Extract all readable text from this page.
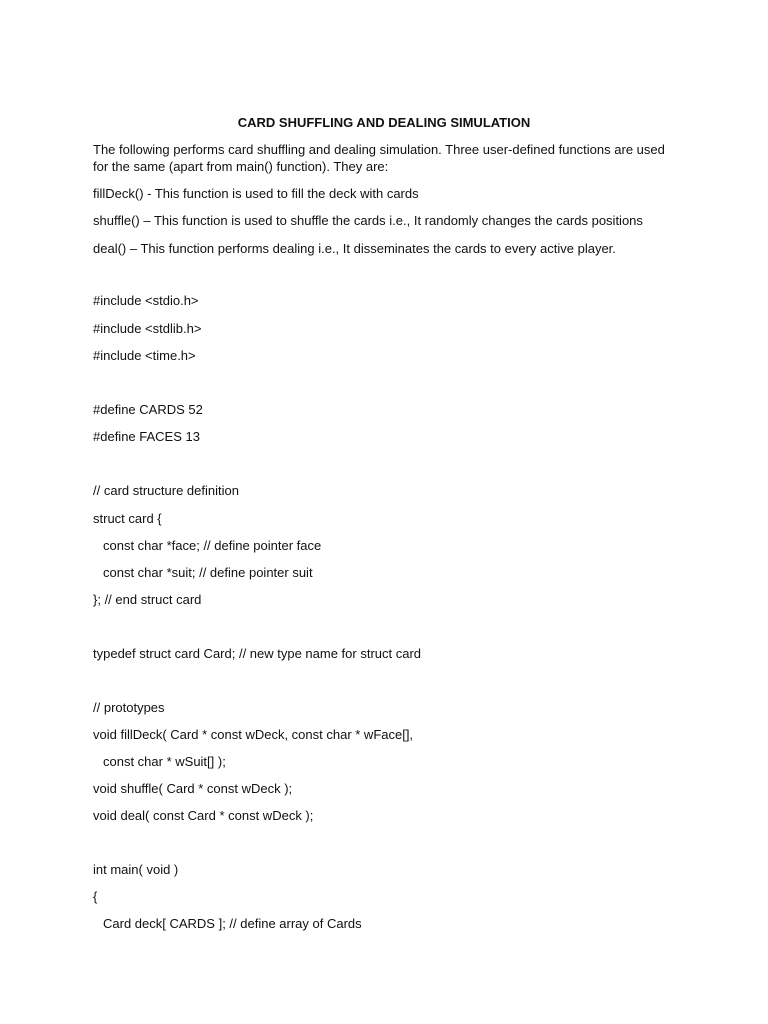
CARD SHUFFLING AND DEALING SIMULATION
The following performs card shuffling and dealing simulation. Three user-defined functions are used
for the same (apart from main() function). They are:
fillDeck() - This function is used to fill the deck with cards
shuffle() – This function is used to shuffle the cards i.e., It randomly changes the cards positions
deal() – This function performs dealing i.e., It disseminates the cards to every active player.
#include <stdio.h>
#include <stdlib.h>
#include <time.h>
#define CARDS 52
#define FACES 13
// card structure definition
struct card {
const char *face; // define pointer face
const char *suit; // define pointer suit
}; // end struct card
typedef struct card Card; // new type name for struct card
// prototypes
void fillDeck( Card * const wDeck, const char * wFace[],
const char * wSuit[] );
void shuffle( Card * const wDeck );
void deal( const Card * const wDeck );
int main( void )
{
Card deck[ CARDS ]; // define array of Cards
